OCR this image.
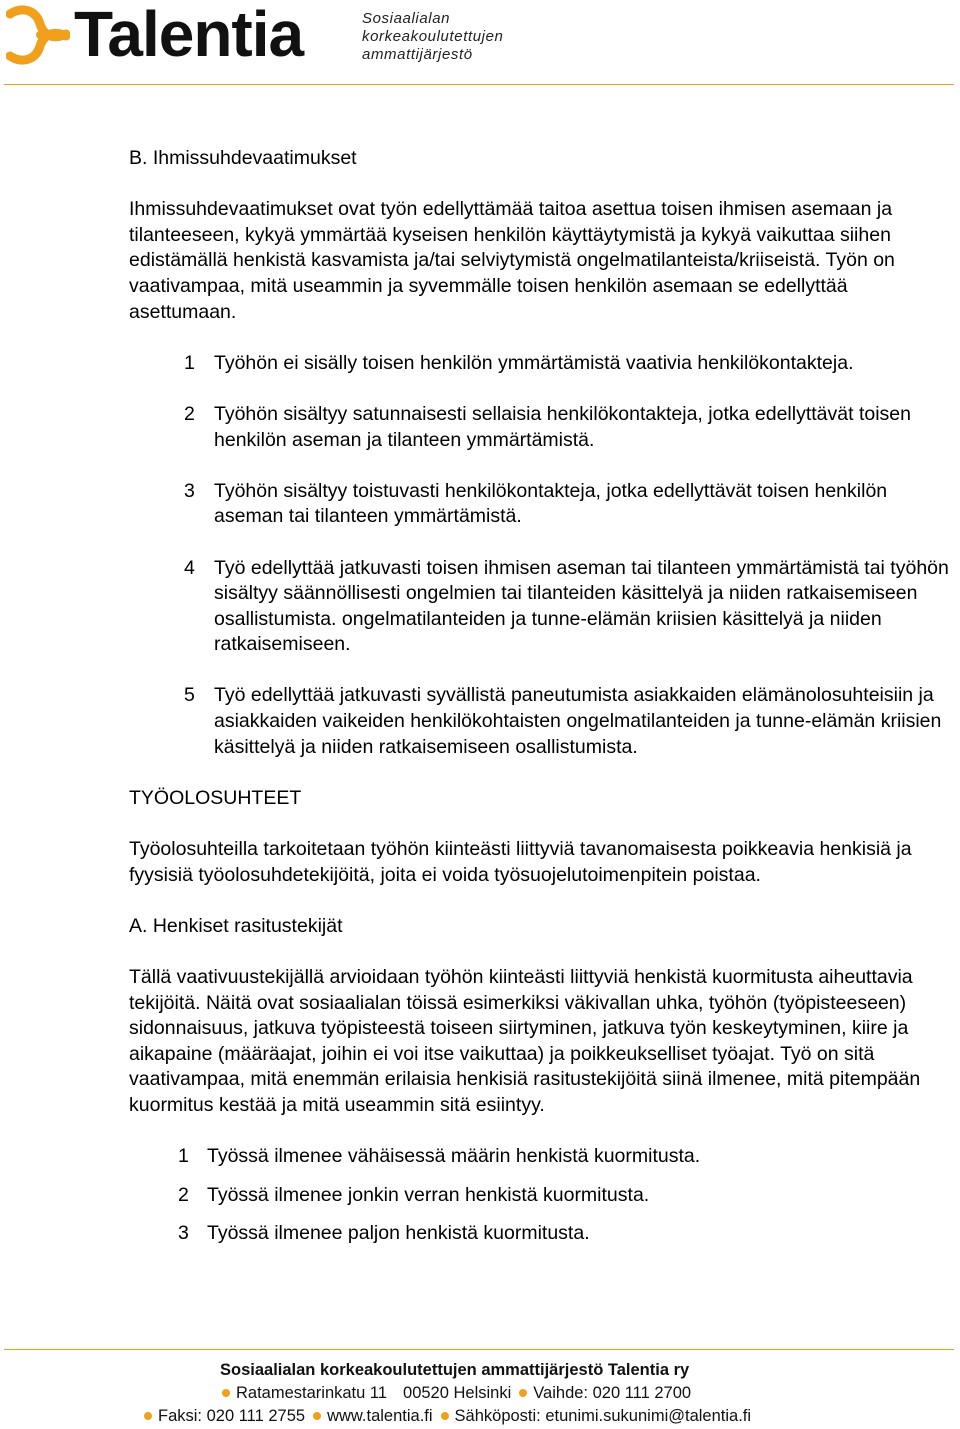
Talentia	Sosiaalialan
korkeakoulutettujen
ammattijärjestö
B. Ihmissuhdevaatimukset
Ihmissuhdevaatimukset ovat työn edellyttämää taitoa asettua toisen ihmisen asemaan ja tilanteeseen, kykyä ymmärtää kyseisen henkilön käyttäytymistä ja kykyä vaikuttaa siihen edistämällä henkistä kasvamista ja/tai selviytymistä ongelmatilanteista/kriiseistä. Työn on vaativampaa, mitä useammin ja syvemmälle toisen henkilön asemaan se edellyttää asettumaan.
1 Työhön ei sisälly toisen henkilön ymmärtämistä vaativia henkilökontakteja.
2 Työhön sisältyy satunnaisesti sellaisia henkilökontakteja, jotka edellyttävät toisen henkilön aseman ja tilanteen ymmärtämistä.
3 Työhön sisältyy toistuvasti henkilökontakteja, jotka edellyttävät toisen henkilön aseman tai tilanteen ymmärtämistä.
4 Työ edellyttää jatkuvasti toisen ihmisen aseman tai tilanteen ymmärtämistä tai työhön sisältyy säännöllisesti ongelmien tai tilanteiden käsittelyä ja niiden ratkaisemiseen osallistumista. ongelmatilanteiden ja tunne-elämän kriisien käsittelyä ja niiden ratkaisemiseen.
5 Työ edellyttää jatkuvasti syvällistä paneutumista asiakkaiden elämänolosuhteisiin ja asiakkaiden vaikeiden henkilökohtaisten ongelmatilanteiden ja tunne-elämän kriisien käsittelyä ja niiden ratkaisemiseen osallistumista.
TYÖOLOSUHTEET
Työolosuhteilla tarkoitetaan työhön kiinteästi liittyviä tavanomaisesta poikkeavia henkisiä ja fyysisiä työolosuhdetekijöitä, joita ei voida työsuojelutoimenpitein poistaa.
A. Henkiset rasitustekijät
Tällä vaativuustekijällä arvioidaan työhön kiinteästi liittyviä henkistä kuormitusta aiheuttavia tekijöitä. Näitä ovat sosiaalialan töissä esimerkiksi väkivallan uhka, työhön (työpisteeseen) sidonnaisuus, jatkuva työpisteestä toiseen siirtyminen, jatkuva työn keskeytyminen, kiire ja aikapaine (määräajat, joihin ei voi itse vaikuttaa) ja poikkeukselliset työajat. Työ on sitä vaativampaa, mitä enemmän erilaisia henkisiä rasitustekijöitä siinä ilmenee, mitä pitempään kuormitus kestää ja mitä useammin sitä esiintyy.
1 Työssä ilmenee vähäisessä määrin henkistä kuormitusta.
2 Työssä ilmenee jonkin verran henkistä kuormitusta.
3 Työssä ilmenee paljon henkistä kuormitusta.
Sosiaalialan korkeakoulutettujen ammattijärjestö Talentia ry
Ratamestarinkatu 11 00520 Helsinki Vaihde: 020 111 2700
Faksi: 020 111 2755 www.talentia.fi Sähköposti: etunimi.sukunimi@talentia.fi
